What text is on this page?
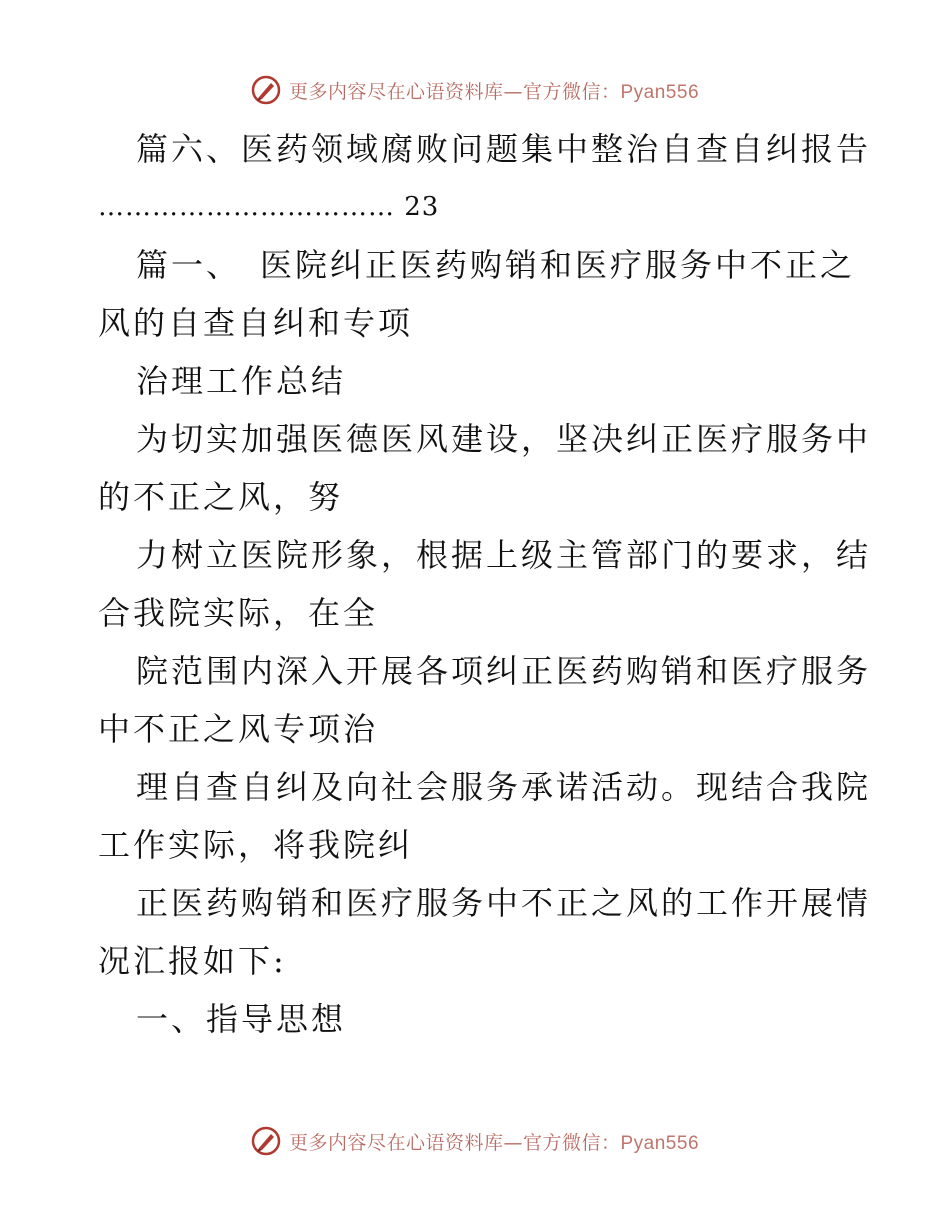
更多内容尽在心语资料库—官方微信：Pyan556
篇六、医药领域腐败问题集中整治自查自纠报告
…………………………… 23
篇一、　医院纠正医药购销和医疗服务中不正之
风的自查自纠和专项
治理工作总结
为切实加强医德医风建设，坚决纠正医疗服务中
的不正之风，努
力树立医院形象，根据上级主管部门的要求，结
合我院实际，在全
院范围内深入开展各项纠正医药购销和医疗服务
中不正之风专项治
理自查自纠及向社会服务承诺活动。现结合我院
工作实际，将我院纠
正医药购销和医疗服务中不正之风的工作开展情
况汇报如下:
一、指导思想
更多内容尽在心语资料库—官方微信：Pyan556
